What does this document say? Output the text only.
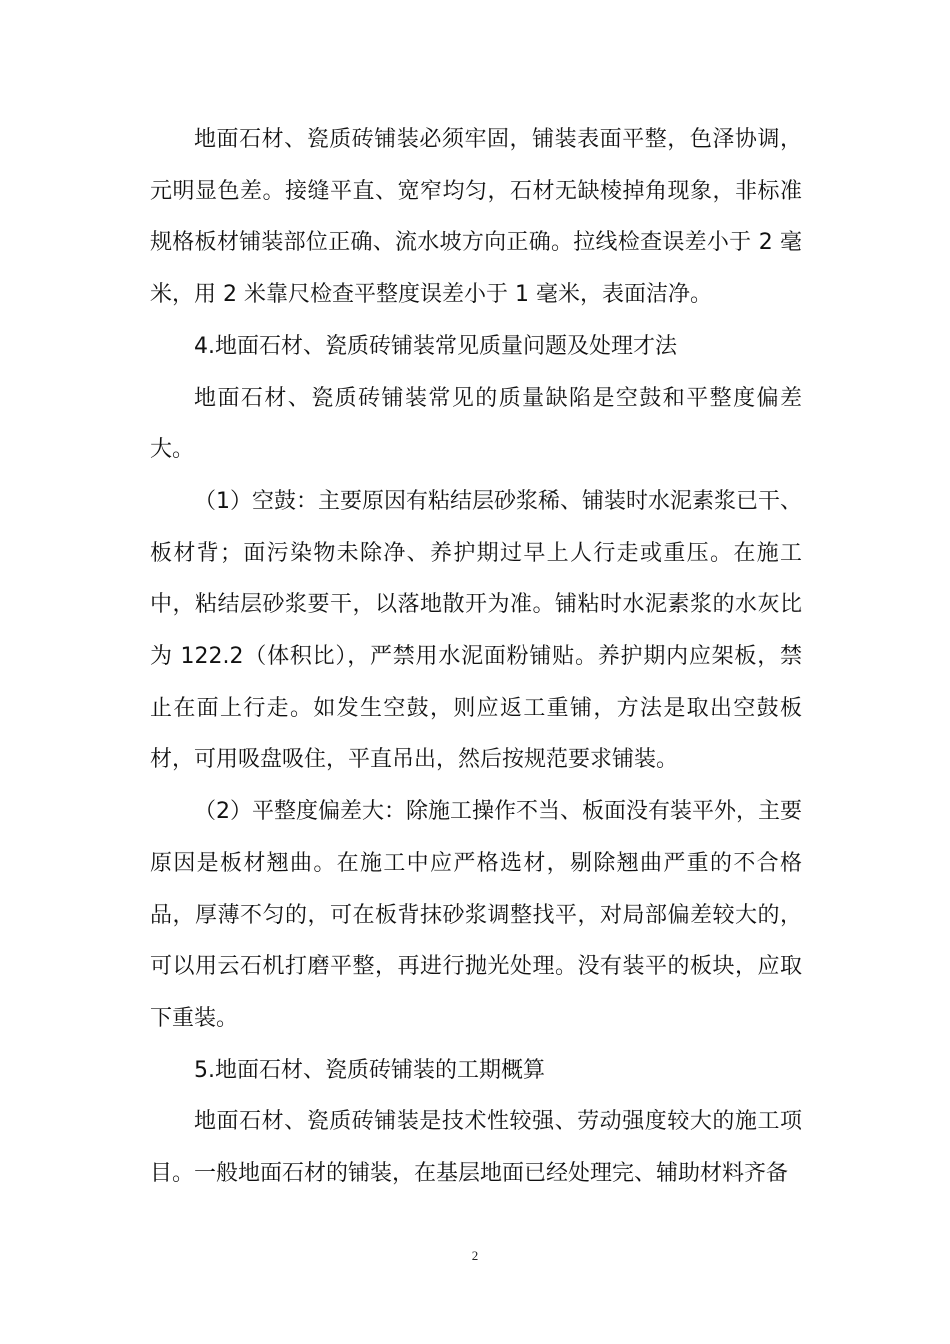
地面石材、瓷质砖铺装必须牢固，铺装表面平整，色泽协调，元明显色差。接缝平直、宽窄均匀，石材无缺棱掉角现象，非标准规格板材铺装部位正确、流水坡方向正确。拉线检查误差小于 2 毫米，用 2 米靠尺检查平整度误差小于 1 毫米，表面洁净。

4.地面石材、瓷质砖铺装常见质量问题及处理才法

地面石材、瓷质砖铺装常见的质量缺陷是空鼓和平整度偏差大。

（1）空鼓：主要原因有粘结层砂浆稀、铺装时水泥素浆已干、板材背；面污染物未除净、养护期过早上人行走或重压。在施工中，粘结层砂浆要干，以落地散开为准。铺粘时水泥素浆的水灰比为 122.2（体积比），严禁用水泥面粉铺贴。养护期内应架板，禁止在面上行走。如发生空鼓，则应返工重铺，方法是取出空鼓板材，可用吸盘吸住，平直吊出，然后按规范要求铺装。

（2）平整度偏差大：除施工操作不当、板面没有装平外，主要原因是板材翘曲。在施工中应严格选材，剔除翘曲严重的不合格品，厚薄不匀的，可在板背抹砂浆调整找平，对局部偏差较大的，可以用云石机打磨平整，再进行抛光处理。没有装平的板块，应取下重装。

5.地面石材、瓷质砖铺装的工期概算

地面石材、瓷质砖铺装是技术性较强、劳动强度较大的施工项目。一般地面石材的铺装，在基层地面已经处理完、辅助材料齐备

2
